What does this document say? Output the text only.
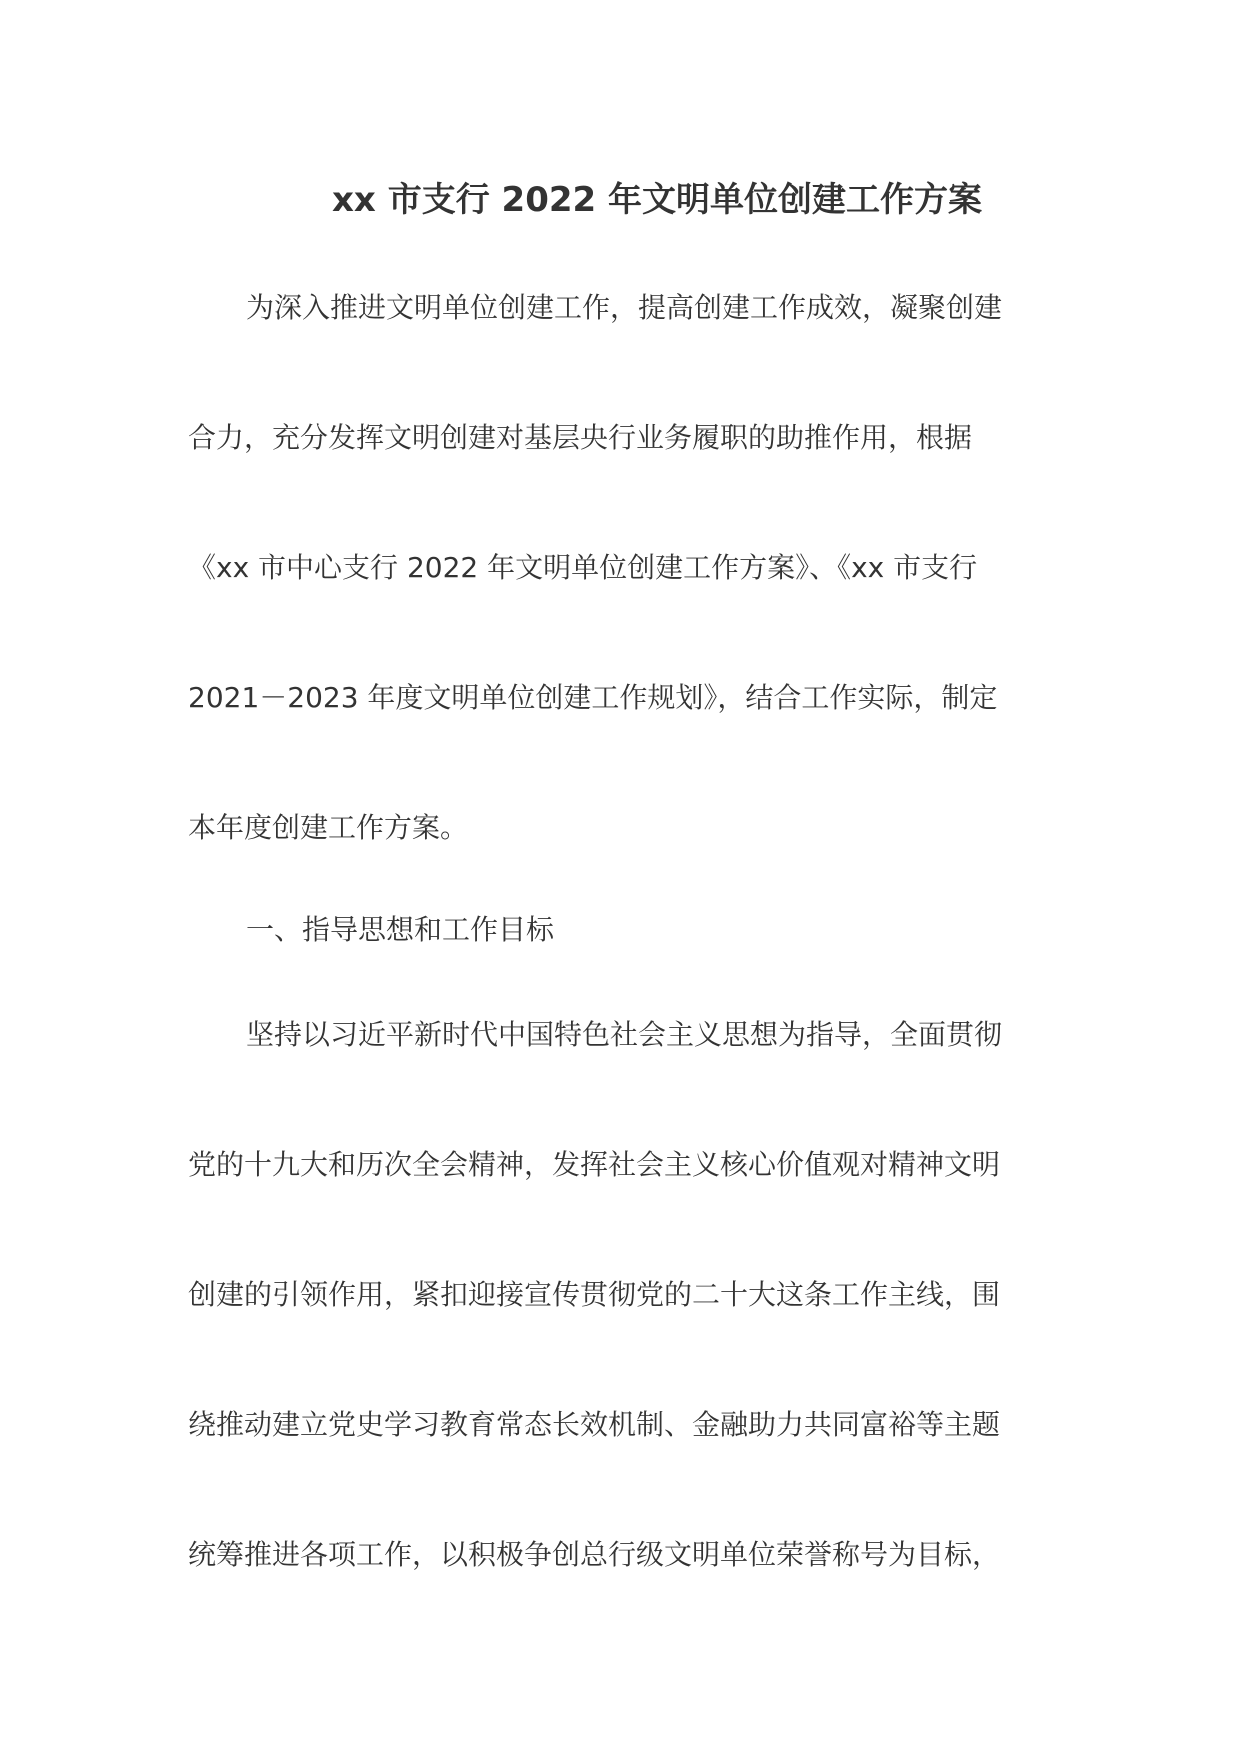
xx 市支行 2022 年文明单位创建工作方案
为深入推进文明单位创建工作，提高创建工作成效，凝聚创建
合力，充分发挥文明创建对基层央行业务履职的助推作用，根据
《xx 市中心支行 2022 年文明单位创建工作方案》、《xx 市支行
2021－2023 年度文明单位创建工作规划》，结合工作实际，制定
本年度创建工作方案。
一、指导思想和工作目标
坚持以习近平新时代中国特色社会主义思想为指导，全面贯彻
党的十九大和历次全会精神，发挥社会主义核心价值观对精神文明
创建的引领作用，紧扣迎接宣传贯彻党的二十大这条工作主线，围
绕推动建立党史学习教育常态长效机制、金融助力共同富裕等主题
统筹推进各项工作，以积极争创总行级文明单位荣誉称号为目标，
